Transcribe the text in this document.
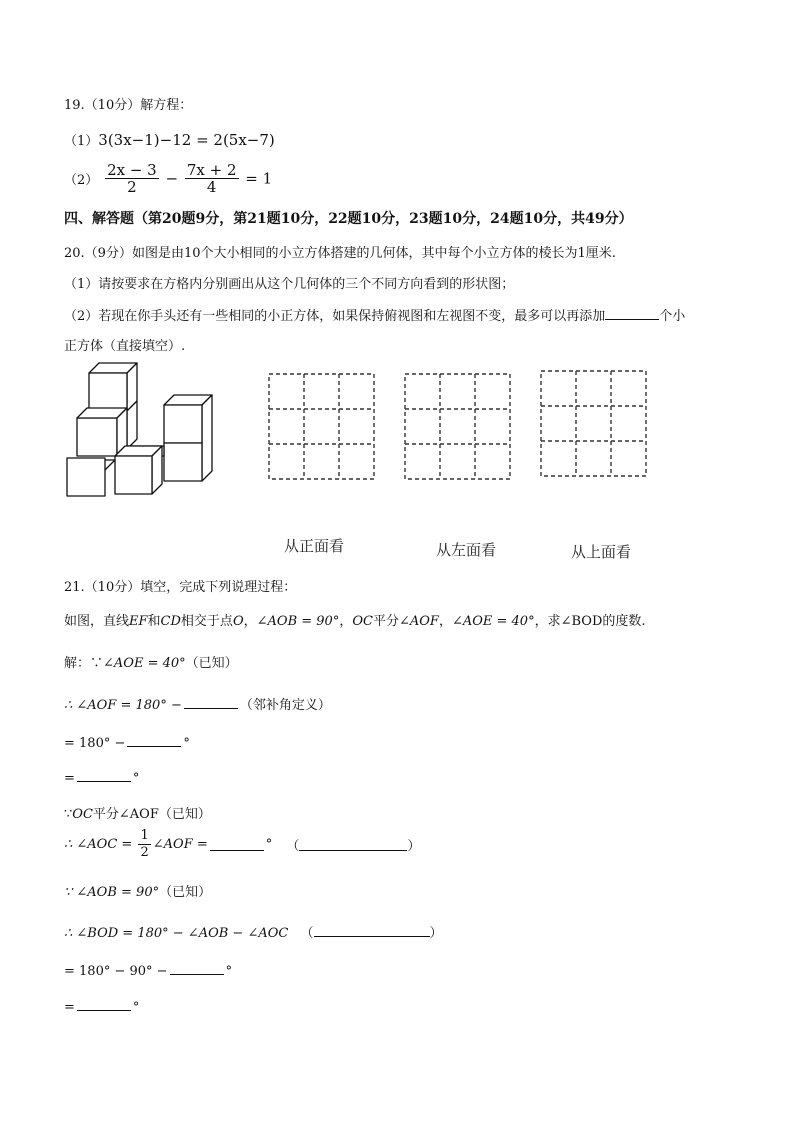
19.（10分）解方程：
（1）3(3x−1)−12 = 2(5x−7)
$(2) \frac{2x - 3}{2} - \frac{7x + 2}{4} = 1$
四、解答题（第20题9分，第21题10分，22题10分，23题10分，24题10分，共49分）
20.（9分）如图是由10个大小相同的小立方体搭建的几何体，其中每个小立方体的棱长为1厘米.
（1）请按要求在方格内分别画出从这个几何体的三个不同方向看到的形状图；
（2）若现在你手头还有一些相同的小正方体，如果保持俯视图和左视图不变，最多可以再添加	个小
正方体（直接填空）.
从正面看	从左面看	从上面看
21.（10分）填空，完成下列说理过程：
如图，直线EF和CD相交于点O，∠AOB = 90°，OC平分∠AOF，∠AOE = 40°，求∠BOD的度数.
解：∵∠AOE = 40°（已知）
∴ ∠AOF = 180° −	（邻补角定义）
= 180° −	°
=	°
∵OC平分∠AOF（已知）
∴ ∠AOC = $\frac{1}{2}$ ∠AOF =	° （	）
∵ ∠AOB = 90°（已知）
∴ ∠BOD = 180° − ∠AOB − ∠AOC （	）
= 180° − 90° −	°
=	°
